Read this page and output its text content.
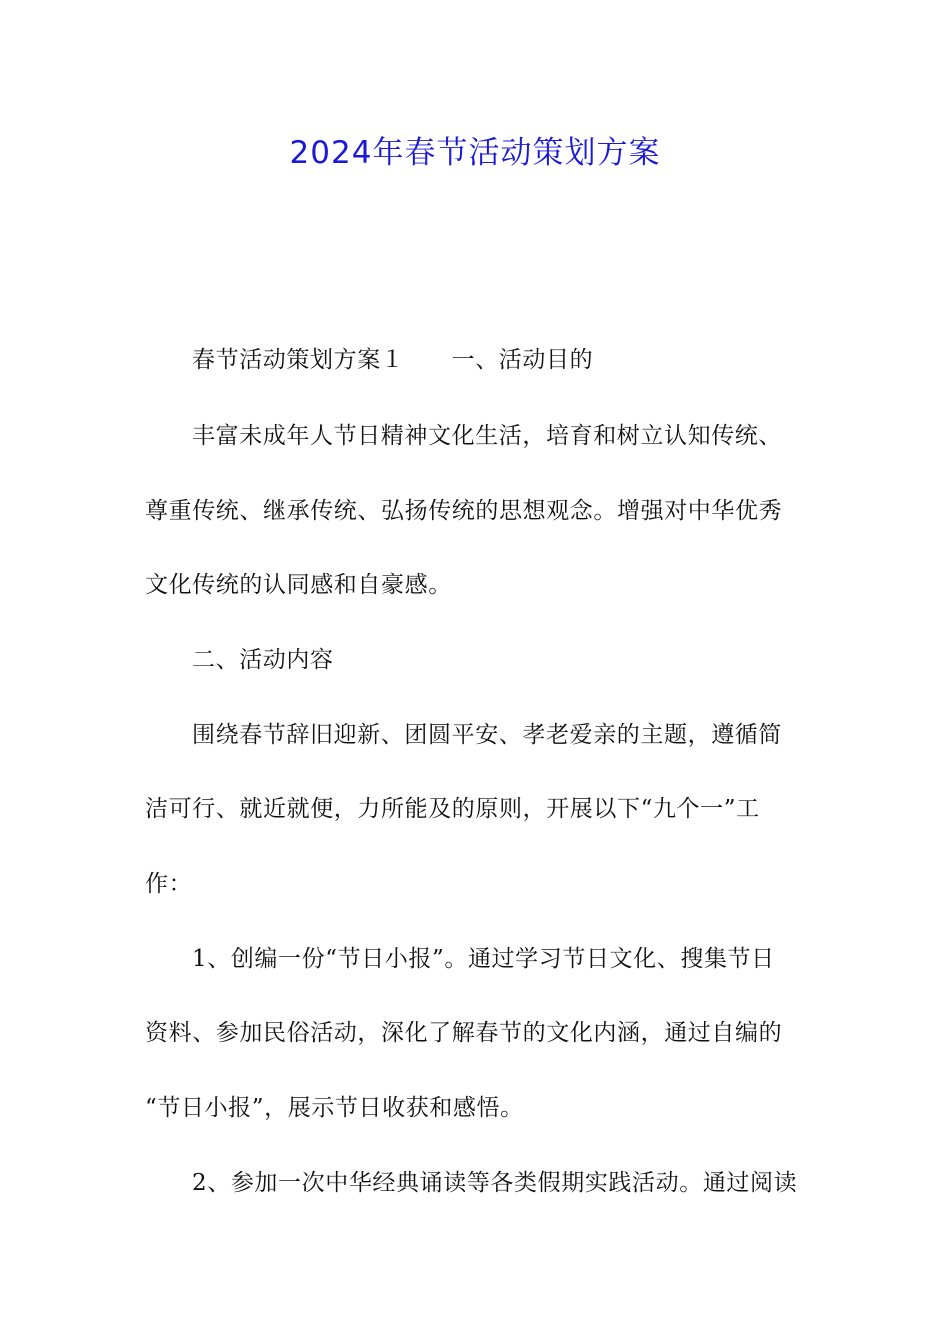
2024年春节活动策划方案
春节活动策划方案１　　一、活动目的
丰富未成年人节日精神文化生活，培育和树立认知传统、
尊重传统、继承传统、弘扬传统的思想观念。增强对中华优秀
文化传统的认同感和自豪感。
二、活动内容
围绕春节辞旧迎新、团圆平安、孝老爱亲的主题，遵循简
洁可行、就近就便，力所能及的原则，开展以下“九个一”工
作：
1、创编一份“节日小报”。通过学习节日文化、搜集节日
资料、参加民俗活动，深化了解春节的文化内涵，通过自编的
“节日小报”，展示节日收获和感悟。
2、参加一次中华经典诵读等各类假期实践活动。通过阅读
